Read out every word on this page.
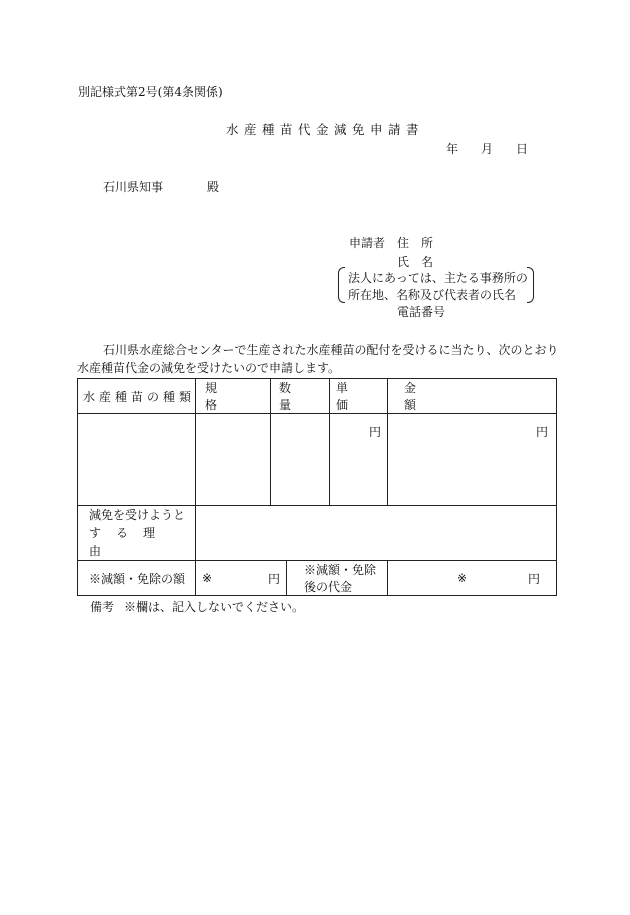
別記様式第2号(第4条関係)
水産種苗代金減免申請書
年 月 日
石川県知事	殿
申請者 住　所
氏　名
法人にあっては、主たる事務所の
所在地、名称及び代表者の氏名
電話番号
石川県水産総合センターで生産された水産種苗の配付を受けるに当たり、次のとおり
水産種苗代金の減免を受けたいので申請します。
水産種苗の種類	規格	数量		単価	金額

				円	円

減免を受けようと
する理由					

※減額・免除の額	※ 円		※減額・免除後の代金		※ 円
備考 ※欄は、記入しないでください。
